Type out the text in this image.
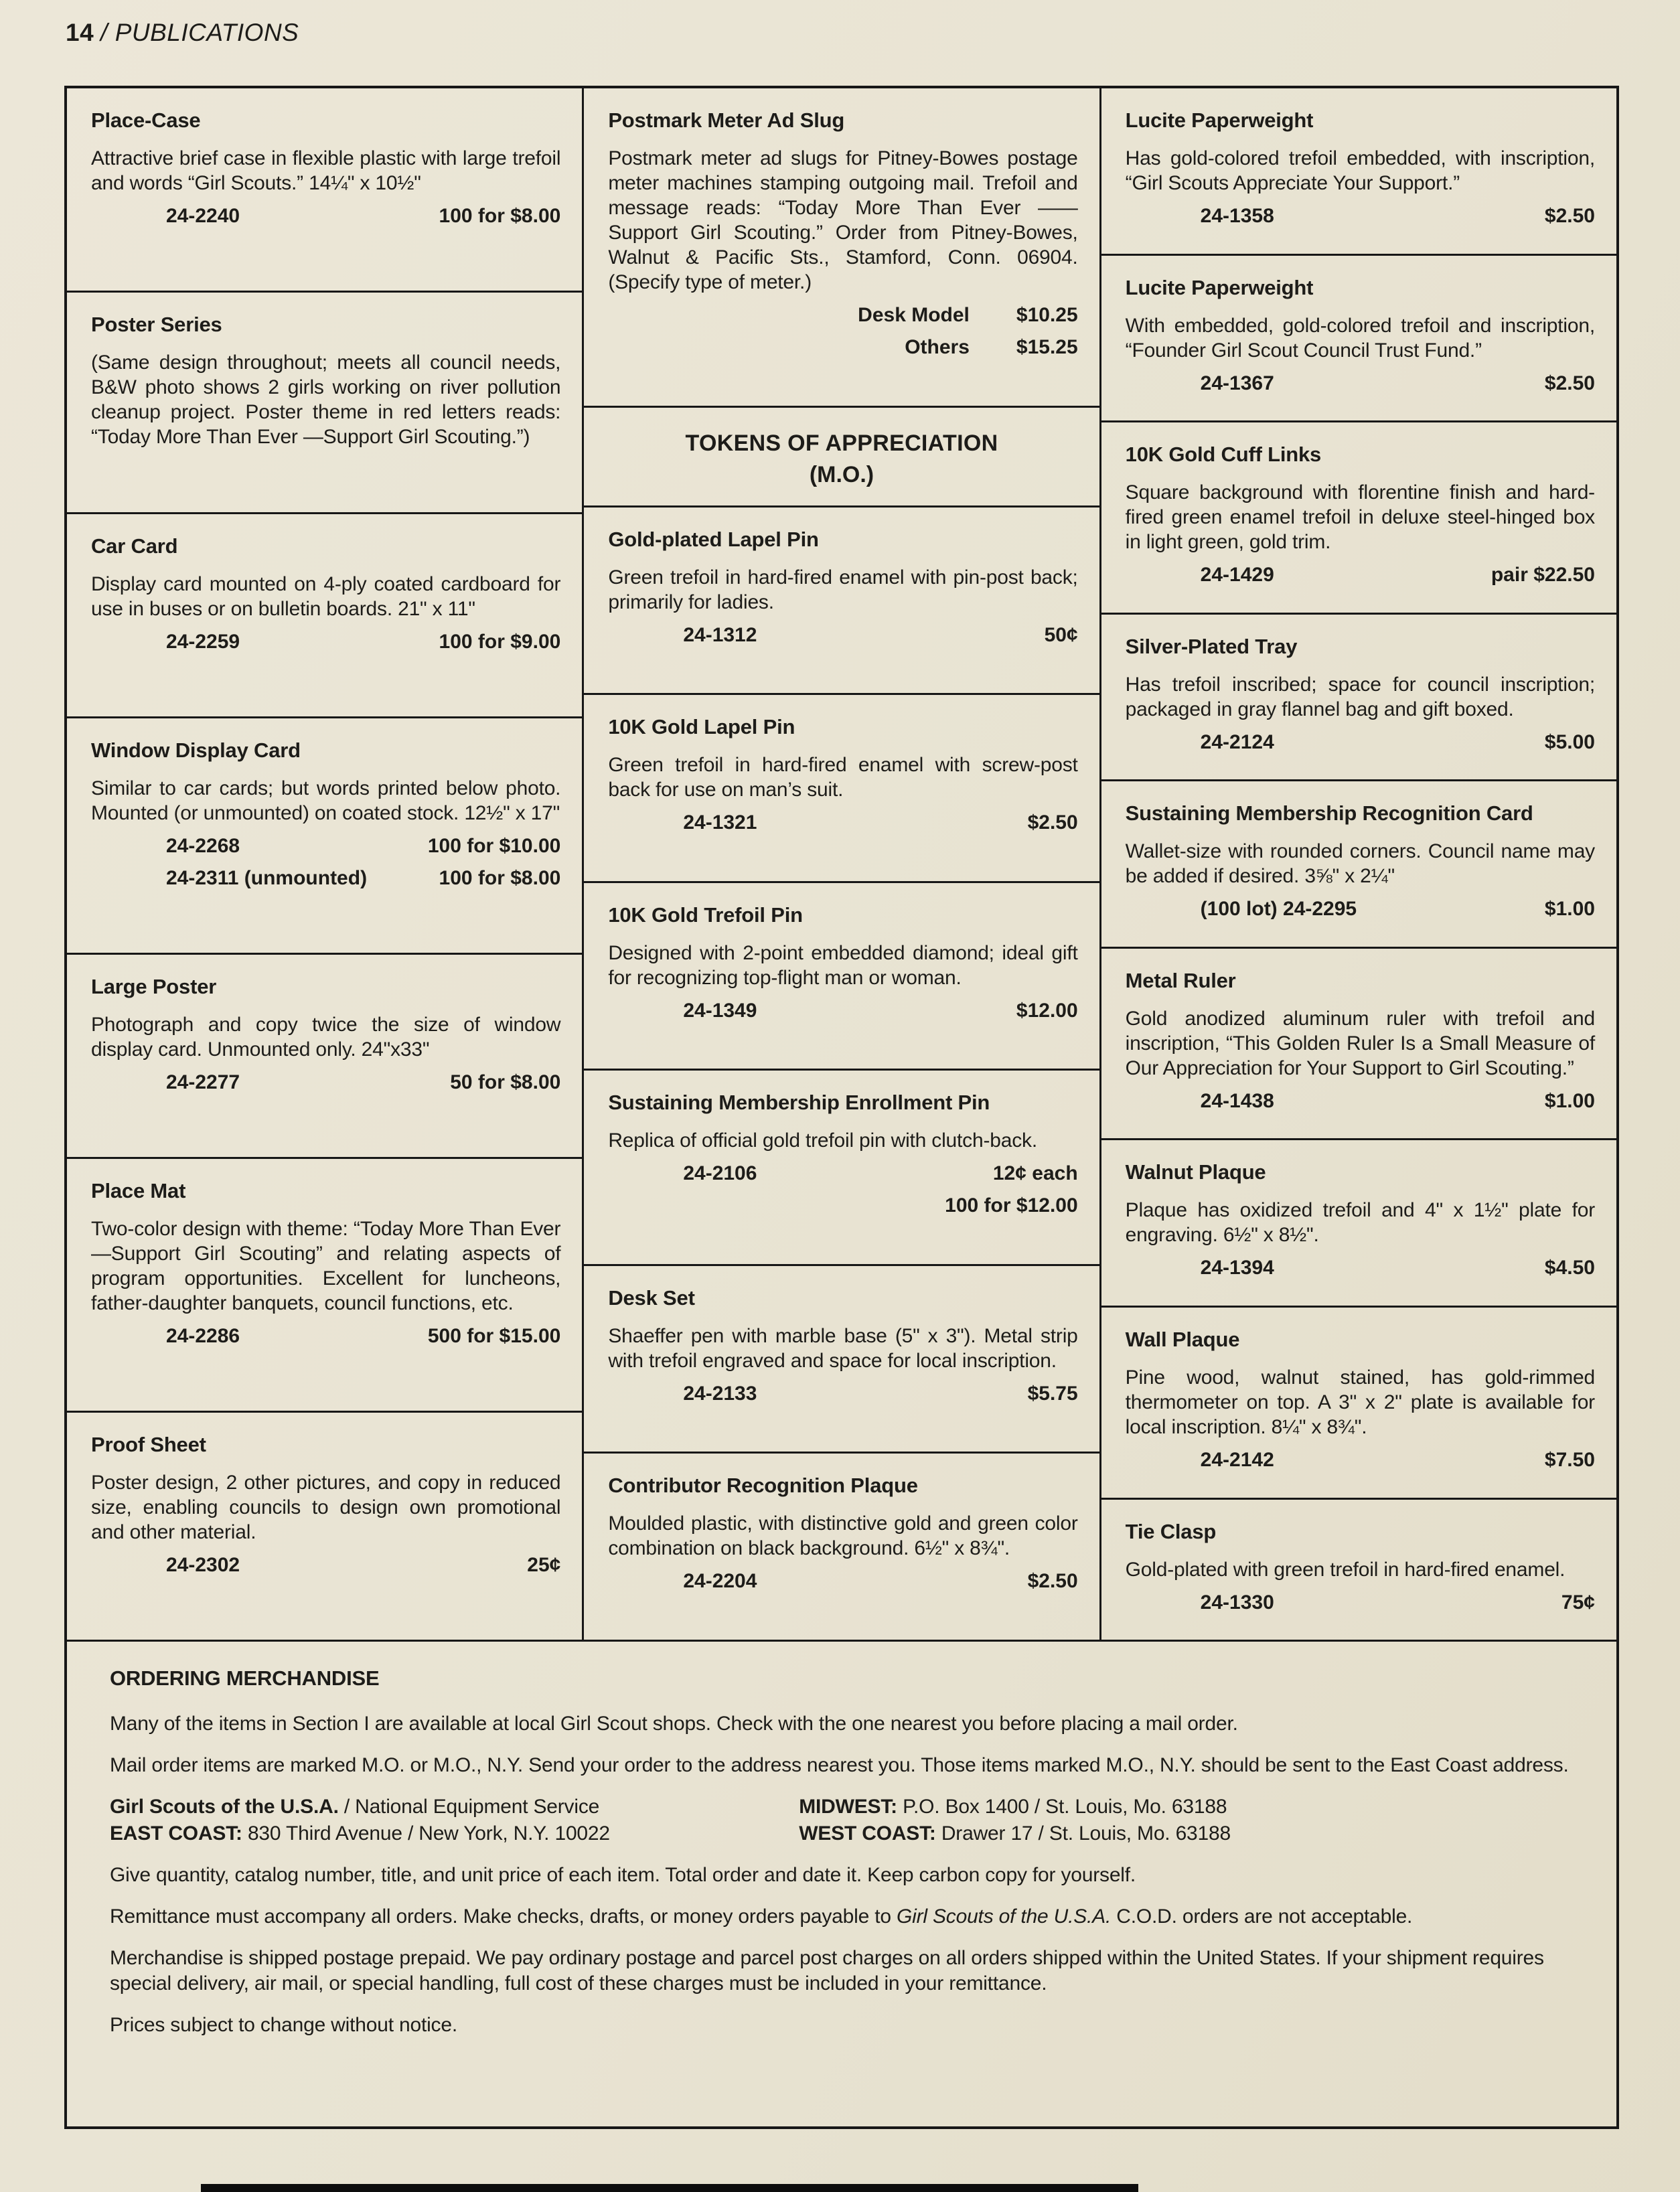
14 / PUBLICATIONS
Place-Case

Attractive brief case in flexible plastic with large trefoil and words “Girl Scouts.” 14¼" x 10½"

24-2240	100 for $8.00
Poster Series

(Same design throughout; meets all council needs, B&W photo shows 2 girls working on river pollution cleanup project. Poster theme in red letters reads: “Today More Than Ever —Support Girl Scouting.”)

Car Card

Display card mounted on 4-ply coated cardboard for use in buses or on bulletin boards. 21" x 11"

24-2259	100 for $9.00
Window Display Card

Similar to car cards; but words printed below photo. Mounted (or unmounted) on coated stock. 12½" x 17"

24-2268	100 for $10.00
24-2311 (unmounted)	100 for $8.00
Large Poster

Photograph and copy twice the size of window display card. Unmounted only. 24"x33"

24-2277	50 for $8.00
Place Mat

Two-color design with theme: “Today More Than Ever—Support Girl Scouting” and relating aspects of program opportunities. Excellent for luncheons, father-daughter banquets, council functions, etc.

24-2286	500 for $15.00
Proof Sheet

Poster design, 2 other pictures, and copy in reduced size, enabling councils to design own promotional and other material.

24-2302	25¢
Postmark Meter Ad Slug

Postmark meter ad slugs for Pitney-Bowes postage meter machines stamping outgoing mail. Trefoil and message reads: “Today More Than Ever —— Support Girl Scouting.” Order from Pitney-Bowes, Walnut & Pacific Sts., Stamford, Conn. 06904. (Specify type of meter.)

Desk Model $10.25
Others $15.25
TOKENS OF APPRECIATION
(M.O.)
Gold-plated Lapel Pin

Green trefoil in hard-fired enamel with pin-post back; primarily for ladies.

24-1312	50¢
10K Gold Lapel Pin

Green trefoil in hard-fired enamel with screw-post back for use on man’s suit.

24-1321	$2.50
10K Gold Trefoil Pin

Designed with 2-point embedded diamond; ideal gift for recognizing top-flight man or woman.

24-1349	$12.00
Sustaining Membership Enrollment Pin

Replica of official gold trefoil pin with clutch-back.

24-2106	12¢ each
100 for $12.00
Desk Set

Shaeffer pen with marble base (5" x 3"). Metal strip with trefoil engraved and space for local inscription.

24-2133	$5.75
Contributor Recognition Plaque

Moulded plastic, with distinctive gold and green color combination on black background. 6½" x 8¾".

24-2204	$2.50
Lucite Paperweight

Has gold-colored trefoil embedded, with inscription, “Girl Scouts Appreciate Your Support.”

24-1358	$2.50
Lucite Paperweight

With embedded, gold-colored trefoil and inscription, “Founder Girl Scout Council Trust Fund.”

24-1367	$2.50
10K Gold Cuff Links

Square background with florentine finish and hard-fired green enamel trefoil in deluxe steel-hinged box in light green, gold trim.

24-1429	pair $22.50
Silver-Plated Tray

Has trefoil inscribed; space for council inscription; packaged in gray flannel bag and gift boxed.

24-2124	$5.00
Sustaining Membership Recognition Card

Wallet-size with rounded corners. Council name may be added if desired. 3⅝" x 2¼"

(100 lot) 24-2295	$1.00
Metal Ruler

Gold anodized aluminum ruler with trefoil and inscription, “This Golden Ruler Is a Small Measure of Our Appreciation for Your Support to Girl Scouting.”

24-1438	$1.00
Walnut Plaque

Plaque has oxidized trefoil and 4" x 1½" plate for engraving. 6½" x 8½".

24-1394	$4.50
Wall Plaque

Pine wood, walnut stained, has gold-rimmed thermometer on top. A 3" x 2" plate is available for local inscription. 8¼" x 8¾".

24-2142	$7.50
Tie Clasp

Gold-plated with green trefoil in hard-fired enamel.

24-1330	75¢
ORDERING MERCHANDISE

Many of the items in Section I are available at local Girl Scout shops. Check with the one nearest you before placing a mail order.

Mail order items are marked M.O. or M.O., N.Y. Send your order to the address nearest you. Those items marked M.O., N.Y. should be sent to the East Coast address.

Girl Scouts of the U.S.A. / National Equipment Service	MIDWEST: P.O. Box 1400 / St. Louis, Mo. 63188
EAST COAST: 830 Third Avenue / New York, N.Y. 10022	WEST COAST: Drawer 17 / St. Louis, Mo. 63188

Give quantity, catalog number, title, and unit price of each item. Total order and date it. Keep carbon copy for yourself.

Remittance must accompany all orders. Make checks, drafts, or money orders payable to Girl Scouts of the U.S.A. C.O.D. orders are not acceptable.

Merchandise is shipped postage prepaid. We pay ordinary postage and parcel post charges on all orders shipped within the United States. If your shipment requires special delivery, air mail, or special handling, full cost of these charges must be included in your remittance.

Prices subject to change without notice.
